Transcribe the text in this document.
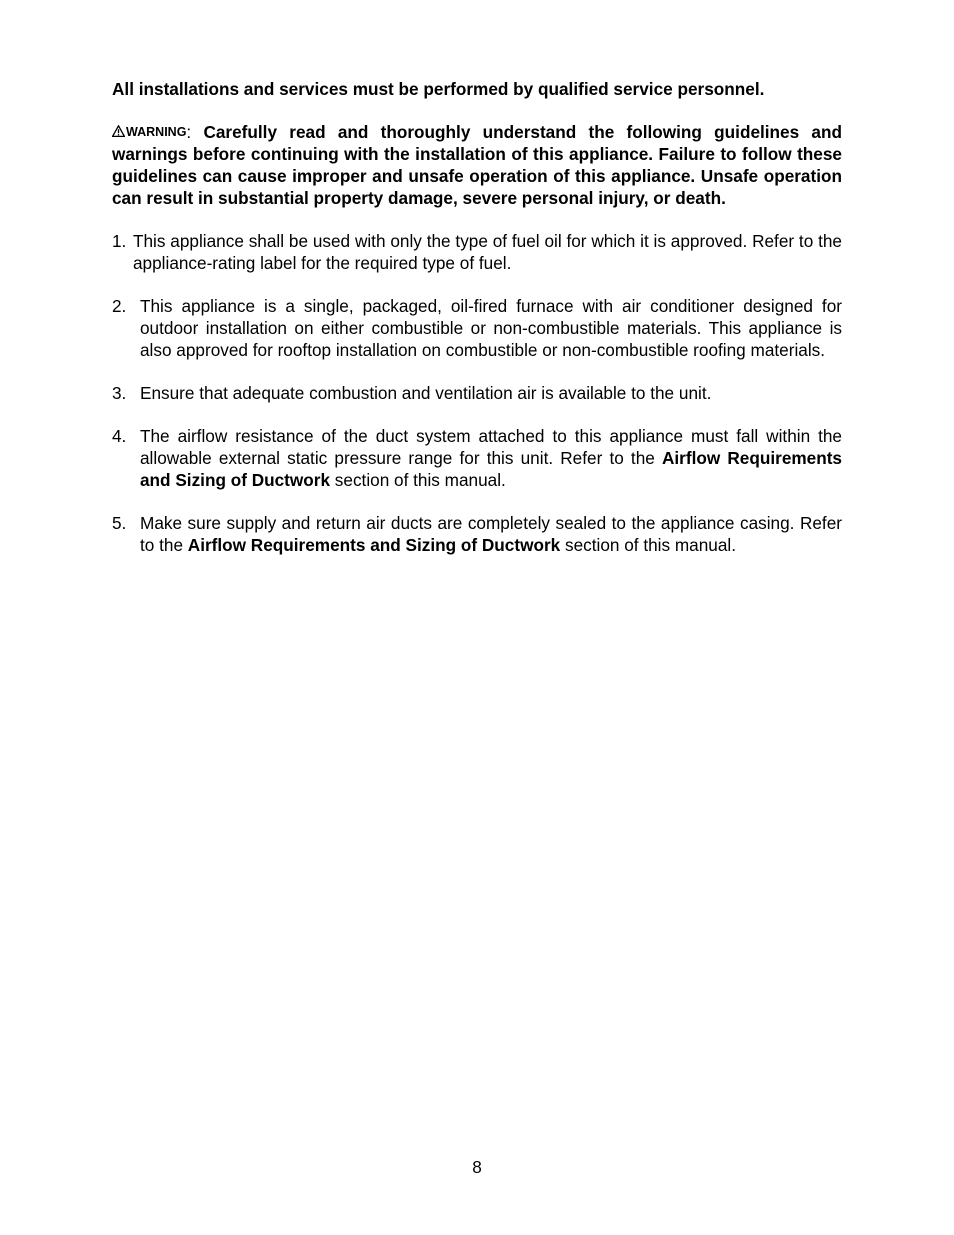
All installations and services must be performed by qualified service personnel.

WARNING: Carefully read and thoroughly understand the following guidelines and warnings before continuing with the installation of this appliance. Failure to follow these guidelines can cause improper and unsafe operation of this appliance. Unsafe operation can result in substantial property damage, severe personal injury, or death.

1. This appliance shall be used with only the type of fuel oil for which it is approved. Refer to the appliance-rating label for the required type of fuel.
2. This appliance is a single, packaged, oil-fired furnace with air conditioner designed for outdoor installation on either combustible or non-combustible materials. This appliance is also approved for rooftop installation on combustible or non-combustible roofing materials.
3. Ensure that adequate combustion and ventilation air is available to the unit.
4. The airflow resistance of the duct system attached to this appliance must fall within the allowable external static pressure range for this unit. Refer to the Airflow Requirements and Sizing of Ductwork section of this manual.
5. Make sure supply and return air ducts are completely sealed to the appliance casing. Refer to the Airflow Requirements and Sizing of Ductwork section of this manual.
8
